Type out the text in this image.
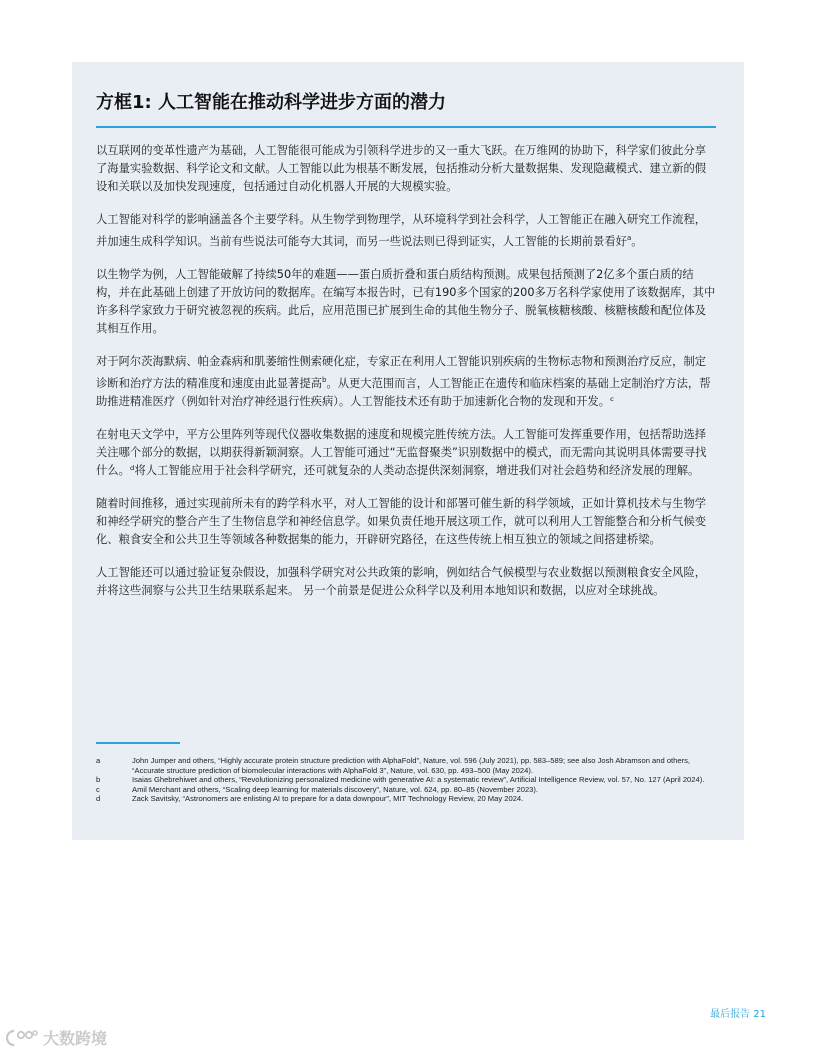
方框1: 人工智能在推动科学进步方面的潜力

以互联网的变革性遗产为基础，人工智能很可能成为引领科学进步的又一重大飞跃。在万维网的协助下，科学家们彼此分享了海量实验数据、科学论文和文献。人工智能以此为根基不断发展，包括推动分析大量数据集、发现隐藏模式、建立新的假设和关联以及加快发现速度，包括通过自动化机器人开展的大规模实验。

人工智能对科学的影响涵盖各个主要学科。从生物学到物理学，从环境科学到社会科学，人工智能正在融入研究工作流程，并加速生成科学知识。当前有些说法可能夸大其词，而另一些说法则已得到证实，人工智能的长期前景看好$^a$。

以生物学为例，人工智能破解了持续50年的难题——蛋白质折叠和蛋白质结构预测。成果包括预测了2亿多个蛋白质的结构，并在此基础上创建了开放访问的数据库。在编写本报告时，已有190多个国家的200多万名科学家使用了该数据库，其中许多科学家致力于研究被忽视的疾病。此后，应用范围已扩展到生命的其他生物分子、脱氧核糖核酸、核糖核酸和配位体及其相互作用。

对于阿尔茨海默病、帕金森病和肌萎缩性侧索硬化症，专家正在利用人工智能识别疾病的生物标志物和预测治疗反应，制定诊断和治疗方法的精准度和速度由此显著提高$^b$。从更大范围而言，人工智能正在遗传和临床档案的基础上定制治疗方法，帮助推进精准医疗（例如针对治疗神经退行性疾病）。人工智能技术还有助于加速新化合物的发现和开发。ᶜ

在射电天文学中，平方公里阵列等现代仪器收集数据的速度和规模完胜传统方法。人工智能可发挥重要作用，包括帮助选择关注哪个部分的数据，以期获得新颖洞察。人工智能可通过“无监督聚类”识别数据中的模式，而无需向其说明具体需要寻找什么。ᵈ将人工智能应用于社会科学研究，还可就复杂的人类动态提供深刻洞察，增进我们对社会趋势和经济发展的理解。

随着时间推移，通过实现前所未有的跨学科水平，对人工智能的设计和部署可催生新的科学领域，正如计算机技术与生物学和神经学研究的整合产生了生物信息学和神经信息学。如果负责任地开展这项工作，就可以利用人工智能整合和分析气候变化、粮食安全和公共卫生等领域各种数据集的能力，开辟研究路径，在这些传统上相互独立的领域之间搭建桥梁。

人工智能还可以通过验证复杂假设，加强科学研究对公共政策的影响，例如结合气候模型与农业数据以预测粮食安全风险，并将这些洞察与公共卫生结果联系起来。 另一个前景是促进公众科学以及利用本地知识和数据，以应对全球挑战。

a	John Jumper and others, “Highly accurate protein structure prediction with AlphaFold”, Nature, vol. 596 (July 2021), pp. 583–589; see also Josh Abramson and others, “Accurate structure prediction of biomolecular interactions with AlphaFold 3”, Nature, vol. 630, pp. 493–500 (May 2024).
b	Isaias Ghebrehiwet and others, “Revolutionizing personalized medicine with generative AI: a systematic review”, Artificial Intelligence Review, vol. 57, No. 127 (April 2024).
c	Amil Merchant and others, “Scaling deep learning for materials discovery”, Nature, vol. 624, pp. 80–85 (November 2023).
d	Zack Savitsky, “Astronomers are enlisting AI to prepare for a data downpour”, MIT Technology Review, 20 May 2024.
最后报告 21
大数跨境
